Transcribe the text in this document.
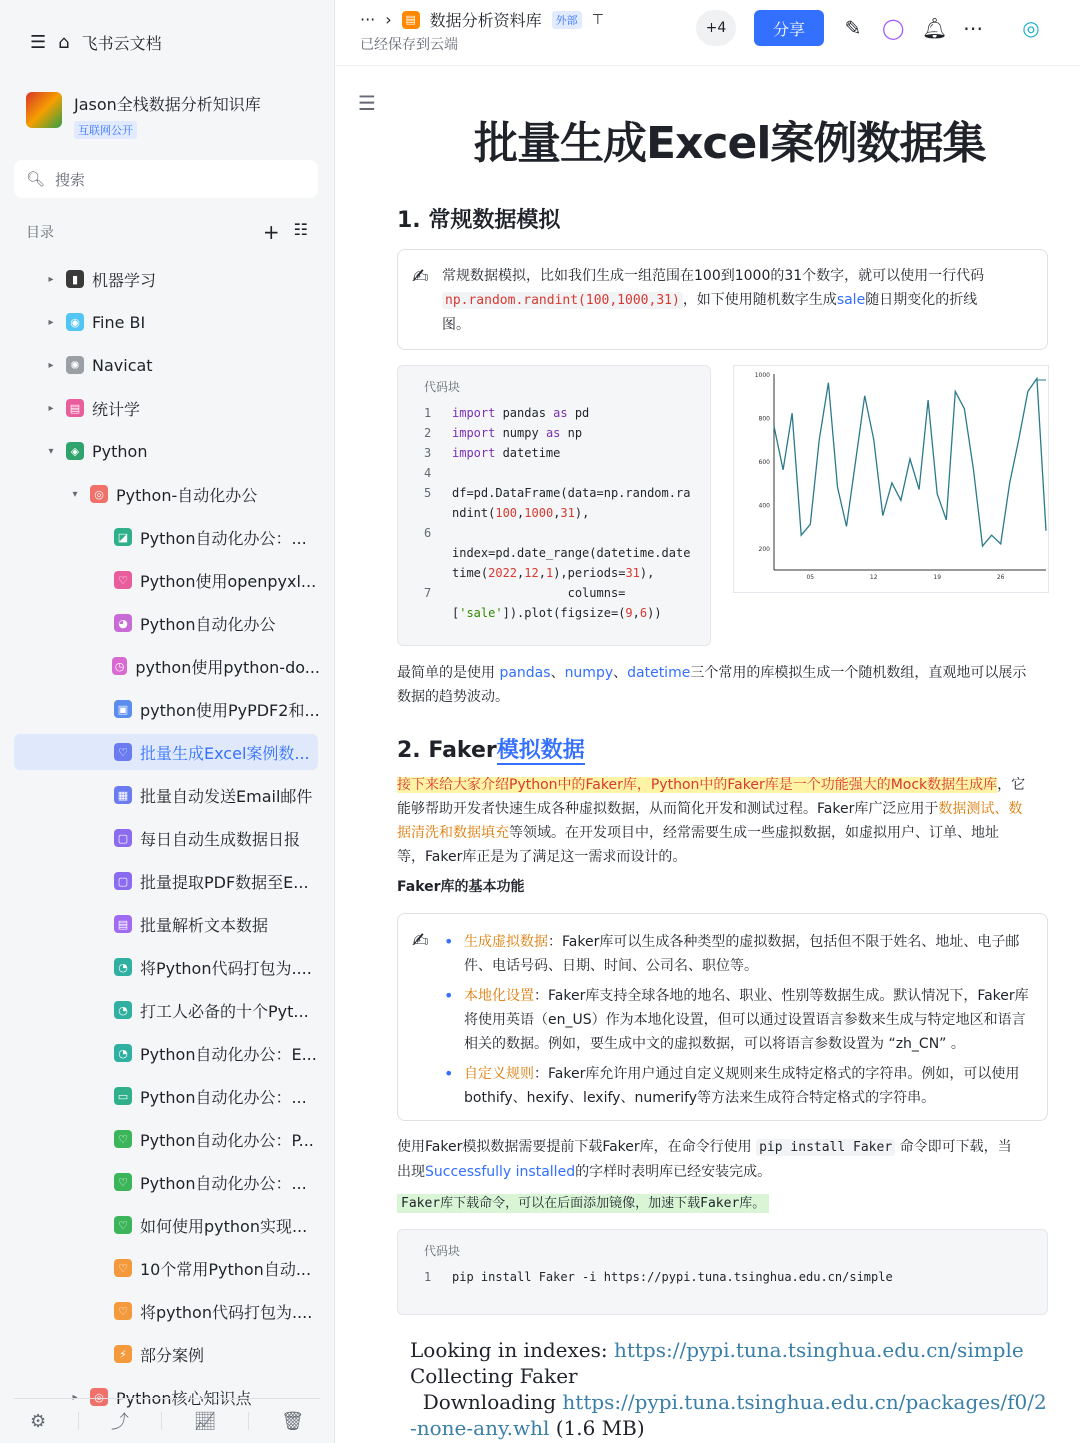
☰ ⌂ 飞书云文档
Jason全栈数据分析知识库
互联网公开
🔍︎ 搜索
目录	+ ☷
▸	▮ 机器学习
▸	◉ Fine BI
▸	✺ Navicat
▸	▤ 统计学
▾	◈ Python
▾	◎ Python-自动化办公
◪ Python自动化办公：...
♡ Python使用openpyxl...
◕ Python自动化办公
◷ python使用python-do...
▣ python使用PyPDF2和...
♡ 批量生成Excel案例数...
▦ 批量自动发送Email邮件
▢ 每日自动生成数据日报
▢ 批量提取PDF数据至E...
▤ 批量解析文本数据
◔ 将Python代码打包为....
◔ 打工人必备的十个Pyt...
◔ Python自动化办公：E...
▭ Python自动化办公：...
♡ Python自动化办公：P...
♡ Python自动化办公：...
♡ 如何使用python实现...
♡ 10个常用Python自动...
♡ 将python代码打包为....
⚡ 部分案例
▸	◎ Python核心知识点
⚙	⤴	📈︎	🗑︎
··· ›	▤ 数据分析资料库	外部 ⊤
已经保存到云端
+4	分享	✎ ◯ 🔔︎ ⋯ ◎
☰
批量生成Excel案例数据集
1. 常规数据模拟
✍ 常规数据模拟，比如我们生成一组范围在100到1000的31个数字，就可以使用一行代码
np.random.randint(100,1000,31) ，如下使用随机数字生成sale随日期变化的折线
图。
代码块
1 import pandas as pd
2 import numpy as np
3 import datetime
4
5 df=pd.DataFrame(data=np.random.ra
ndint(100,1000,31),
6
index=pd.date_range(datetime.date
time(2022,12,1),periods=31),
7                columns=
['sale']).plot(figsize=(9,6))
200
400
600
800
1000
05	12	19	26
最简单的是使用 pandas、numpy、datetime三个常用的库模拟生成一个随机数组，直观地可以展示
数据的趋势波动。
2. Faker模拟数据
接下来给大家介绍Python中的Faker库，Python中的Faker库是一个功能强大的Mock数据生成库，它
能够帮助开发者快速生成各种虚拟数据，从而简化开发和测试过程。Faker库广泛应用于数据测试、数
据清洗和数据填充等领域。在开发项目中，经常需要生成一些虚拟数据，如虚拟用户、订单、地址
等，Faker库正是为了满足这一需求而设计的。
Faker库的基本功能
✍
•	生成虚拟数据：Faker库可以生成各种类型的虚拟数据，包括但不限于姓名、地址、电子邮件、电话号码、日期、时间、公司名、职位等。
• 本地化设置：Faker库支持全球各地的地名、职业、性别等数据生成。默认情况下，Faker库将使用英语（en_US）作为本地化设置，但可以通过设置语言参数来生成与特定地区和语言相关的数据。例如，要生成中文的虚拟数据，可以将语言参数设置为 “zh_CN” 。
• 自定义规则：Faker库允许用户通过自定义规则来生成特定格式的字符串。例如，可以使用bothify、hexify、lexify、numerify等方法来生成符合特定格式的字符串。
使用Faker模拟数据需要提前下载Faker库，在命令行使用 pip install Faker 命令即可下载，当
出现Successfully installed的字样时表明库已经安装完成。
Faker库下载命令，可以在后面添加镜像，加速下载Faker库。
代码块
1 pip install Faker -i https://pypi.tuna.tsinghua.edu.cn/simple
Looking in indexes: https://pypi.tuna.tsinghua.edu.cn/simple
Collecting Faker
Downloading https://pypi.tuna.tsinghua.edu.cn/packages/f0/2
-none-any.whl (1.6 MB)
